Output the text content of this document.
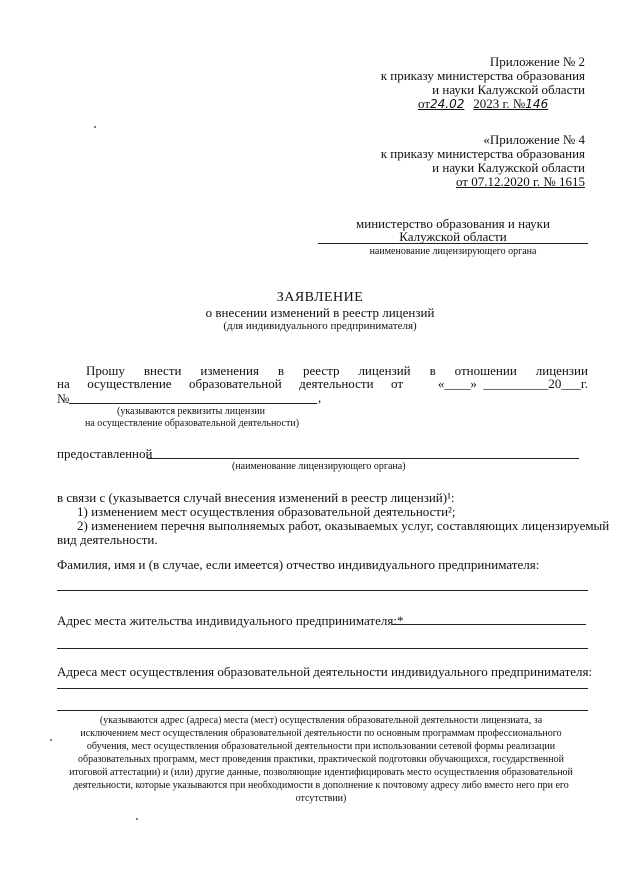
Приложение № 2
к приказу министерства образования
и науки Калужской области
от24.02 2023 г. №146
«Приложение № 4
к приказу министерства образования
и науки Калужской области
от 07.12.2020 г. № 1615
министерство образования и науки
Калужской области
наименование лицензирующего органа
ЗАЯВЛЕНИЕ
о внесении изменений в реестр лицензий
(для индивидуального предпринимателя)
Прошу внести изменения в реестр лицензий в отношении лицензии
на осуществление образовательной деятельности от	«____»  __________20___г.
№	,
(указываются реквизиты лицензии
на осуществление образовательной деятельности)
предоставленной
(наименование лицензирующего органа)
в связи с (указывается случай внесения изменений в реестр лицензий)¹:
1) изменением мест осуществления образовательной деятельности²;
2) изменением перечня выполняемых работ, оказываемых услуг, составляющих лицензируемый
вид деятельности.
Фамилия, имя и (в случае, если имеется) отчество индивидуального предпринимателя:
Адрес места жительства индивидуального предпринимателя:*
Адреса мест осуществления образовательной деятельности индивидуального предпринимателя:
(указываются адрес (адреса) места (мест) осуществления образовательной деятельности лицензиата, за
исключением мест осуществления образовательной деятельности по основным программам профессионального
обучения, мест осуществления образовательной деятельности при использовании сетевой формы реализации
образовательных программ, мест проведения практики, практической подготовки обучающихся, государственной
итоговой аттестации) и (или) другие данные, позволяющие идентифицировать место осуществления образовательной
деятельности, которые указываются при необходимости в дополнение к почтовому адресу либо вместо него при его
отсутствии)
